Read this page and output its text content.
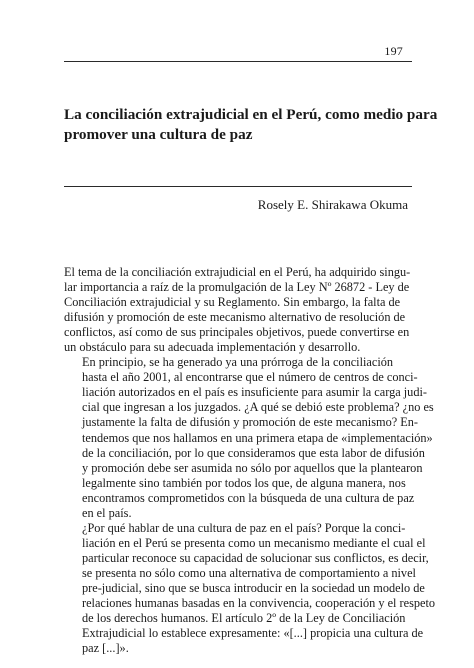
197
La conciliación extrajudicial en el Perú, como medio para
promover una cultura de paz
Rosely E. Shirakawa Okuma

El tema de la conciliación extrajudicial en el Perú, ha adquirido singu-
lar importancia a raíz de la promulgación de la Ley Nº 26872 - Ley de
Conciliación extrajudicial y su Reglamento. Sin embargo, la falta de
difusión y promoción de este mecanismo alternativo de resolución de
conflictos, así como de sus principales objetivos, puede convertirse en
un obstáculo para su adecuada implementación y desarrollo.

En principio, se ha generado ya una prórroga de la conciliación
hasta el año 2001, al encontrarse que el número de centros de conci-
liación autorizados en el país es insuficiente para asumir la carga judi-
cial que ingresan a los juzgados. ¿A qué se debió este problema? ¿no es
justamente la falta de difusión y promoción de este mecanismo? En-
tendemos que nos hallamos en una primera etapa de «implementación»
de la conciliación, por lo que consideramos que esta labor de difusión
y promoción debe ser asumida no sólo por aquellos que la plantearon
legalmente sino también por todos los que, de alguna manera, nos
encontramos comprometidos con la búsqueda de una cultura de paz
en el país.

¿Por qué hablar de una cultura de paz en el país? Porque la conci-
liación en el Perú se presenta como un mecanismo mediante el cual el
particular reconoce su capacidad de solucionar sus conflictos, es decir,
se presenta no sólo como una alternativa de comportamiento a nivel
pre-judicial, sino que se busca introducir en la sociedad un modelo de
relaciones humanas basadas en la convivencia, cooperación y el respeto
de los derechos humanos. El artículo 2º de la Ley de Conciliación
Extrajudicial lo establece expresamente: «[...] propicia una cultura de
paz [...]».
